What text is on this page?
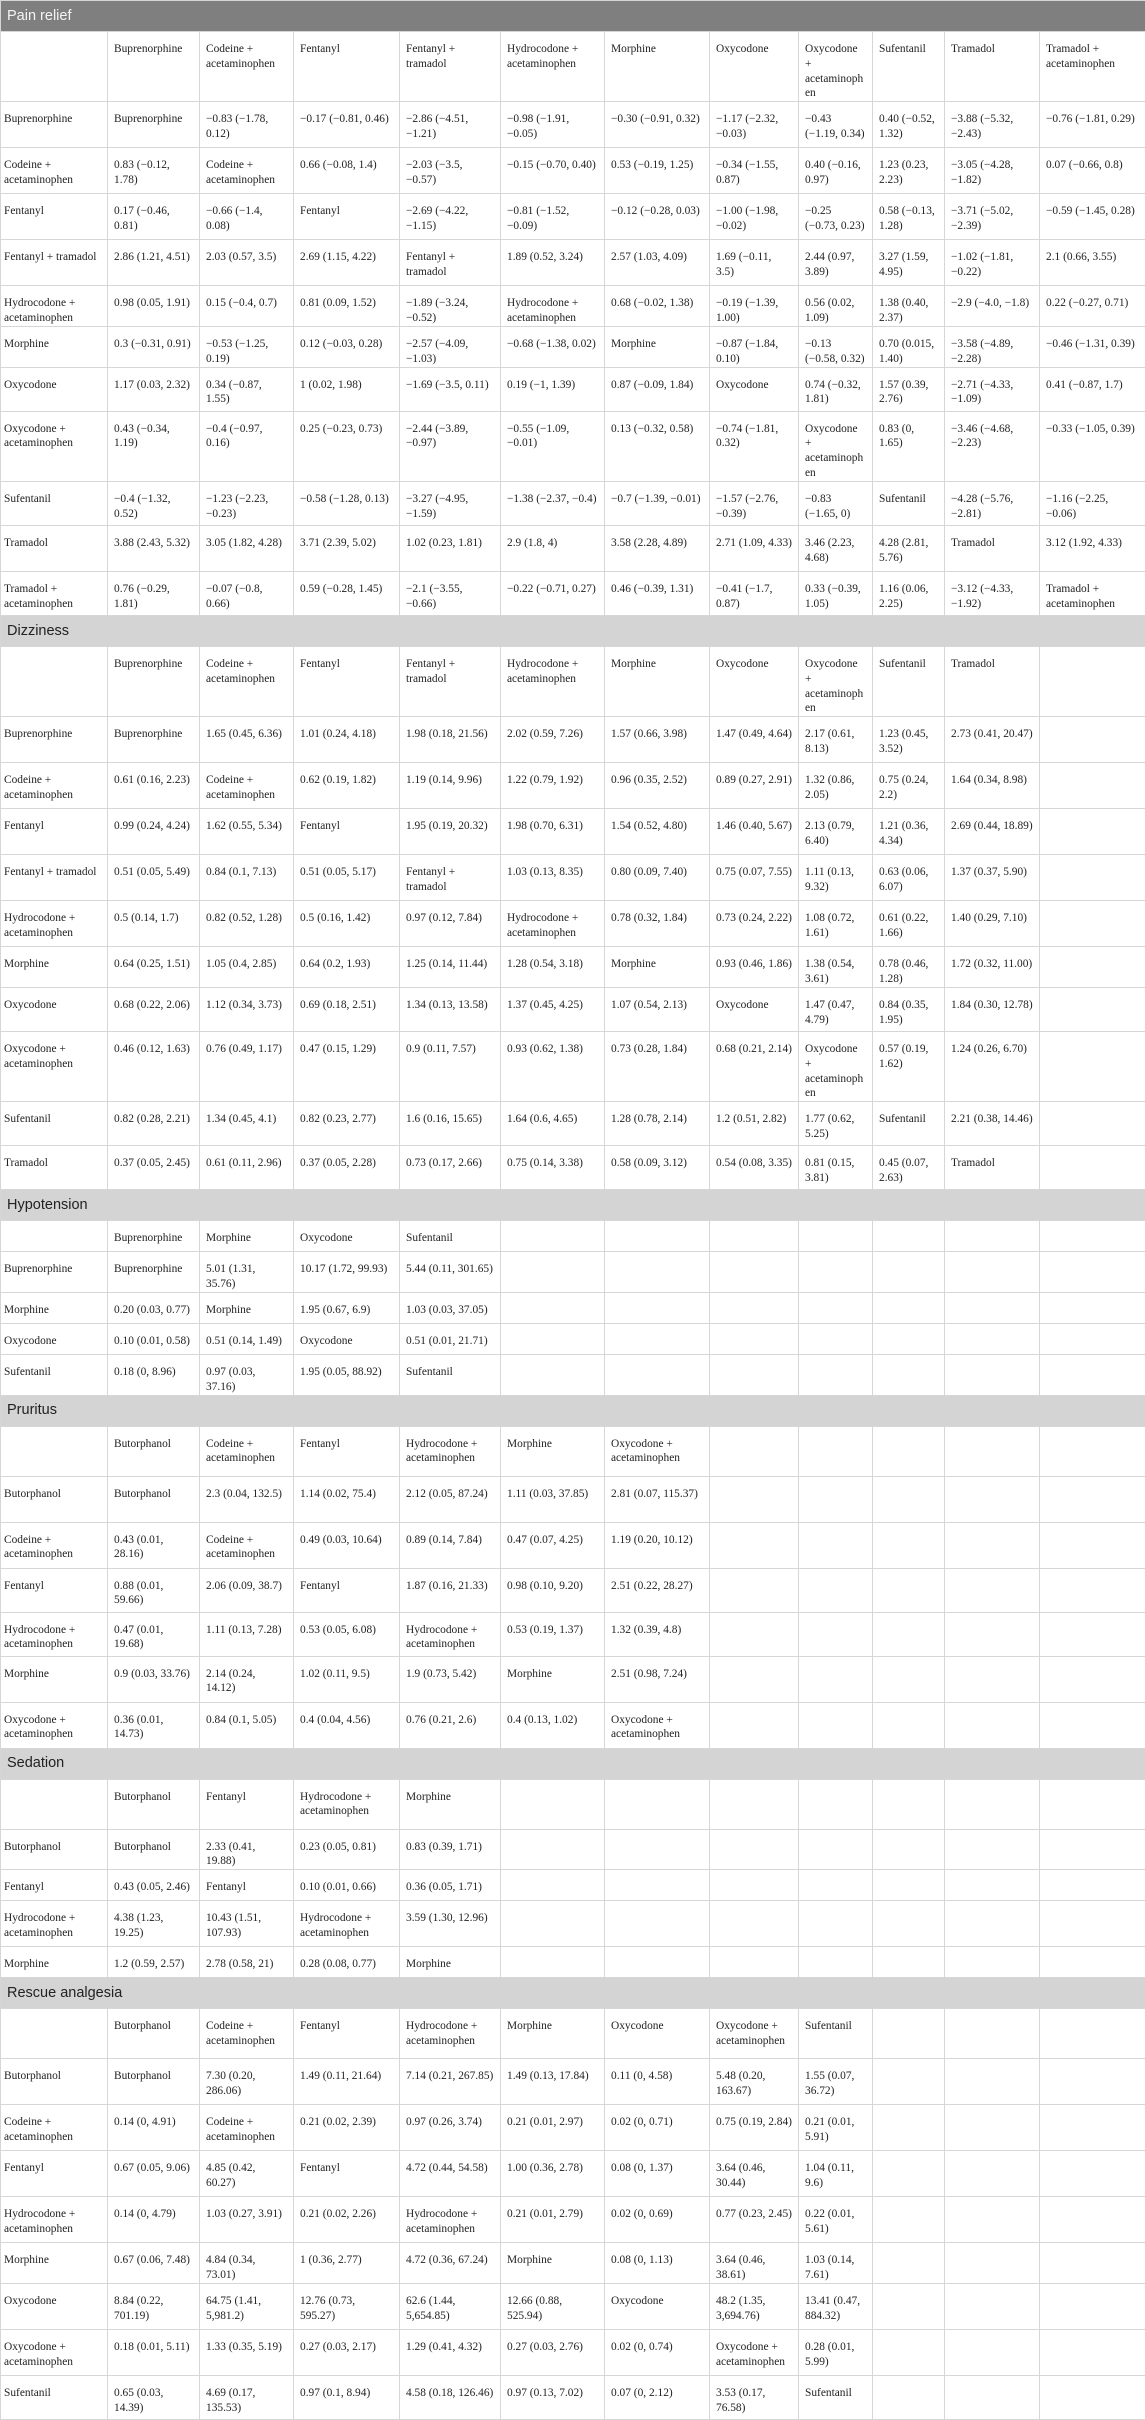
Pain relief											
	Buprenorphine	Codeine + acetaminophen	Fentanyl	Fentanyl + tramadol	Hydrocodone + acetaminophen	Morphine	Oxycodone	Oxycodone + acetaminophen	Sufentanil	Tramadol	Tramadol + acetaminophen
Buprenorphine	Buprenorphine	−0.83 (−1.78, 0.12)	−0.17 (−0.81, 0.46)	−2.86 (−4.51, −1.21)	−0.98 (−1.91, −0.05)	−0.30 (−0.91, 0.32)	−1.17 (−2.32, −0.03)	−0.43 (−1.19, 0.34)	0.40 (−0.52, 1.32)	−3.88 (−5.32, −2.43)	−0.76 (−1.81, 0.29)
Codeine + acetaminophen	0.83 (−0.12, 1.78)	Codeine + acetaminophen	0.66 (−0.08, 1.4)	−2.03 (−3.5, −0.57)	−0.15 (−0.70, 0.40)	0.53 (−0.19, 1.25)	−0.34 (−1.55, 0.87)	0.40 (−0.16, 0.97)	1.23 (0.23, 2.23)	−3.05 (−4.28, −1.82)	0.07 (−0.66, 0.8)
Fentanyl	0.17 (−0.46, 0.81)	−0.66 (−1.4, 0.08)	Fentanyl	−2.69 (−4.22, −1.15)	−0.81 (−1.52, −0.09)	−0.12 (−0.28, 0.03)	−1.00 (−1.98, −0.02)	−0.25 (−0.73, 0.23)	0.58 (−0.13, 1.28)	−3.71 (−5.02, −2.39)	−0.59 (−1.45, 0.28)
Fentanyl + tramadol	2.86 (1.21, 4.51)	2.03 (0.57, 3.5)	2.69 (1.15, 4.22)	Fentanyl + tramadol	1.89 (0.52, 3.24)	2.57 (1.03, 4.09)	1.69 (−0.11, 3.5)	2.44 (0.97, 3.89)	3.27 (1.59, 4.95)	−1.02 (−1.81, −0.22)	2.1 (0.66, 3.55)
Hydrocodone + acetaminophen	0.98 (0.05, 1.91)	0.15 (−0.4, 0.7)	0.81 (0.09, 1.52)	−1.89 (−3.24, −0.52)	Hydrocodone + acetaminophen	0.68 (−0.02, 1.38)	−0.19 (−1.39, 1.00)	0.56 (0.02, 1.09)	1.38 (0.40, 2.37)	−2.9 (−4.0, −1.8)	0.22 (−0.27, 0.71)
Morphine	0.3 (−0.31, 0.91)	−0.53 (−1.25, 0.19)	0.12 (−0.03, 0.28)	−2.57 (−4.09, −1.03)	−0.68 (−1.38, 0.02)	Morphine	−0.87 (−1.84, 0.10)	−0.13 (−0.58, 0.32)	0.70 (0.015, 1.40)	−3.58 (−4.89, −2.28)	−0.46 (−1.31, 0.39)
Oxycodone	1.17 (0.03, 2.32)	0.34 (−0.87, 1.55)	1 (0.02, 1.98)	−1.69 (−3.5, 0.11)	0.19 (−1, 1.39)	0.87 (−0.09, 1.84)	Oxycodone	0.74 (−0.32, 1.81)	1.57 (0.39, 2.76)	−2.71 (−4.33, −1.09)	0.41 (−0.87, 1.7)
Oxycodone + acetaminophen	0.43 (−0.34, 1.19)	−0.4 (−0.97, 0.16)	0.25 (−0.23, 0.73)	−2.44 (−3.89, −0.97)	−0.55 (−1.09, −0.01)	0.13 (−0.32, 0.58)	−0.74 (−1.81, 0.32)	Oxycodone + acetaminophen	0.83 (0, 1.65)	−3.46 (−4.68, −2.23)	−0.33 (−1.05, 0.39)
Sufentanil	−0.4 (−1.32, 0.52)	−1.23 (−2.23, −0.23)	−0.58 (−1.28, 0.13)	−3.27 (−4.95, −1.59)	−1.38 (−2.37, −0.4)	−0.7 (−1.39, −0.01)	−1.57 (−2.76, −0.39)	−0.83 (−1.65, 0)	Sufentanil	−4.28 (−5.76, −2.81)	−1.16 (−2.25, −0.06)
Tramadol	3.88 (2.43, 5.32)	3.05 (1.82, 4.28)	3.71 (2.39, 5.02)	1.02 (0.23, 1.81)	2.9 (1.8, 4)	3.58 (2.28, 4.89)	2.71 (1.09, 4.33)	3.46 (2.23, 4.68)	4.28 (2.81, 5.76)	Tramadol	3.12 (1.92, 4.33)
Tramadol + acetaminophen	0.76 (−0.29, 1.81)	−0.07 (−0.8, 0.66)	0.59 (−0.28, 1.45)	−2.1 (−3.55, −0.66)	−0.22 (−0.71, 0.27)	0.46 (−0.39, 1.31)	−0.41 (−1.7, 0.87)	0.33 (−0.39, 1.05)	1.16 (0.06, 2.25)	−3.12 (−4.33, −1.92)	Tramadol + acetaminophen
Dizziness											
	Buprenorphine	Codeine + acetaminophen	Fentanyl	Fentanyl + tramadol	Hydrocodone + acetaminophen	Morphine	Oxycodone	Oxycodone + acetaminophen	Sufentanil	Tramadol	
Buprenorphine	Buprenorphine	1.65 (0.45, 6.36)	1.01 (0.24, 4.18)	1.98 (0.18, 21.56)	2.02 (0.59, 7.26)	1.57 (0.66, 3.98)	1.47 (0.49, 4.64)	2.17 (0.61, 8.13)	1.23 (0.45, 3.52)	2.73 (0.41, 20.47)	
Codeine + acetaminophen	0.61 (0.16, 2.23)	Codeine + acetaminophen	0.62 (0.19, 1.82)	1.19 (0.14, 9.96)	1.22 (0.79, 1.92)	0.96 (0.35, 2.52)	0.89 (0.27, 2.91)	1.32 (0.86, 2.05)	0.75 (0.24, 2.2)	1.64 (0.34, 8.98)	
Fentanyl	0.99 (0.24, 4.24)	1.62 (0.55, 5.34)	Fentanyl	1.95 (0.19, 20.32)	1.98 (0.70, 6.31)	1.54 (0.52, 4.80)	1.46 (0.40, 5.67)	2.13 (0.79, 6.40)	1.21 (0.36, 4.34)	2.69 (0.44, 18.89)	
Fentanyl + tramadol	0.51 (0.05, 5.49)	0.84 (0.1, 7.13)	0.51 (0.05, 5.17)	Fentanyl + tramadol	1.03 (0.13, 8.35)	0.80 (0.09, 7.40)	0.75 (0.07, 7.55)	1.11 (0.13, 9.32)	0.63 (0.06, 6.07)	1.37 (0.37, 5.90)	
Hydrocodone + acetaminophen	0.5 (0.14, 1.7)	0.82 (0.52, 1.28)	0.5 (0.16, 1.42)	0.97 (0.12, 7.84)	Hydrocodone + acetaminophen	0.78 (0.32, 1.84)	0.73 (0.24, 2.22)	1.08 (0.72, 1.61)	0.61 (0.22, 1.66)	1.40 (0.29, 7.10)	
Morphine	0.64 (0.25, 1.51)	1.05 (0.4, 2.85)	0.64 (0.2, 1.93)	1.25 (0.14, 11.44)	1.28 (0.54, 3.18)	Morphine	0.93 (0.46, 1.86)	1.38 (0.54, 3.61)	0.78 (0.46, 1.28)	1.72 (0.32, 11.00)	
Oxycodone	0.68 (0.22, 2.06)	1.12 (0.34, 3.73)	0.69 (0.18, 2.51)	1.34 (0.13, 13.58)	1.37 (0.45, 4.25)	1.07 (0.54, 2.13)	Oxycodone	1.47 (0.47, 4.79)	0.84 (0.35, 1.95)	1.84 (0.30, 12.78)	
Oxycodone + acetaminophen	0.46 (0.12, 1.63)	0.76 (0.49, 1.17)	0.47 (0.15, 1.29)	0.9 (0.11, 7.57)	0.93 (0.62, 1.38)	0.73 (0.28, 1.84)	0.68 (0.21, 2.14)	Oxycodone + acetaminophen	0.57 (0.19, 1.62)	1.24 (0.26, 6.70)	
Sufentanil	0.82 (0.28, 2.21)	1.34 (0.45, 4.1)	0.82 (0.23, 2.77)	1.6 (0.16, 15.65)	1.64 (0.6, 4.65)	1.28 (0.78, 2.14)	1.2 (0.51, 2.82)	1.77 (0.62, 5.25)	Sufentanil	2.21 (0.38, 14.46)	
Tramadol	0.37 (0.05, 2.45)	0.61 (0.11, 2.96)	0.37 (0.05, 2.28)	0.73 (0.17, 2.66)	0.75 (0.14, 3.38)	0.58 (0.09, 3.12)	0.54 (0.08, 3.35)	0.81 (0.15, 3.81)	0.45 (0.07, 2.63)	Tramadol	
Hypotension											
	Buprenorphine	Morphine	Oxycodone	Sufentanil							
Buprenorphine	Buprenorphine	5.01 (1.31, 35.76)	10.17 (1.72, 99.93)	5.44 (0.11, 301.65)							
Morphine	0.20 (0.03, 0.77)	Morphine	1.95 (0.67, 6.9)	1.03 (0.03, 37.05)							
Oxycodone	0.10 (0.01, 0.58)	0.51 (0.14, 1.49)	Oxycodone	0.51 (0.01, 21.71)							
Sufentanil	0.18 (0, 8.96)	0.97 (0.03, 37.16)	1.95 (0.05, 88.92)	Sufentanil							
Pruritus											
	Butorphanol	Codeine + acetaminophen	Fentanyl	Hydrocodone + acetaminophen	Morphine	Oxycodone + acetaminophen					
Butorphanol	Butorphanol	2.3 (0.04, 132.5)	1.14 (0.02, 75.4)	2.12 (0.05, 87.24)	1.11 (0.03, 37.85)	2.81 (0.07, 115.37)					
Codeine + acetaminophen	0.43 (0.01, 28.16)	Codeine + acetaminophen	0.49 (0.03, 10.64)	0.89 (0.14, 7.84)	0.47 (0.07, 4.25)	1.19 (0.20, 10.12)					
Fentanyl	0.88 (0.01, 59.66)	2.06 (0.09, 38.7)	Fentanyl	1.87 (0.16, 21.33)	0.98 (0.10, 9.20)	2.51 (0.22, 28.27)					
Hydrocodone + acetaminophen	0.47 (0.01, 19.68)	1.11 (0.13, 7.28)	0.53 (0.05, 6.08)	Hydrocodone + acetaminophen	0.53 (0.19, 1.37)	1.32 (0.39, 4.8)					
Morphine	0.9 (0.03, 33.76)	2.14 (0.24, 14.12)	1.02 (0.11, 9.5)	1.9 (0.73, 5.42)	Morphine	2.51 (0.98, 7.24)					
Oxycodone + acetaminophen	0.36 (0.01, 14.73)	0.84 (0.1, 5.05)	0.4 (0.04, 4.56)	0.76 (0.21, 2.6)	0.4 (0.13, 1.02)	Oxycodone + acetaminophen					
Sedation											
	Butorphanol	Fentanyl	Hydrocodone + acetaminophen	Morphine							
Butorphanol	Butorphanol	2.33 (0.41, 19.88)	0.23 (0.05, 0.81)	0.83 (0.39, 1.71)							
Fentanyl	0.43 (0.05, 2.46)	Fentanyl	0.10 (0.01, 0.66)	0.36 (0.05, 1.71)							
Hydrocodone + acetaminophen	4.38 (1.23, 19.25)	10.43 (1.51, 107.93)	Hydrocodone + acetaminophen	3.59 (1.30, 12.96)							
Morphine	1.2 (0.59, 2.57)	2.78 (0.58, 21)	0.28 (0.08, 0.77)	Morphine							
Rescue analgesia											
	Butorphanol	Codeine + acetaminophen	Fentanyl	Hydrocodone + acetaminophen	Morphine	Oxycodone	Oxycodone + acetaminophen	Sufentanil			
Butorphanol	Butorphanol	7.30 (0.20, 286.06)	1.49 (0.11, 21.64)	7.14 (0.21, 267.85)	1.49 (0.13, 17.84)	0.11 (0, 4.58)	5.48 (0.20, 163.67)	1.55 (0.07, 36.72)			
Codeine + acetaminophen	0.14 (0, 4.91)	Codeine + acetaminophen	0.21 (0.02, 2.39)	0.97 (0.26, 3.74)	0.21 (0.01, 2.97)	0.02 (0, 0.71)	0.75 (0.19, 2.84)	0.21 (0.01, 5.91)			
Fentanyl	0.67 (0.05, 9.06)	4.85 (0.42, 60.27)	Fentanyl	4.72 (0.44, 54.58)	1.00 (0.36, 2.78)	0.08 (0, 1.37)	3.64 (0.46, 30.44)	1.04 (0.11, 9.6)			
Hydrocodone + acetaminophen	0.14 (0, 4.79)	1.03 (0.27, 3.91)	0.21 (0.02, 2.26)	Hydrocodone + acetaminophen	0.21 (0.01, 2.79)	0.02 (0, 0.69)	0.77 (0.23, 2.45)	0.22 (0.01, 5.61)			
Morphine	0.67 (0.06, 7.48)	4.84 (0.34, 73.01)	1 (0.36, 2.77)	4.72 (0.36, 67.24)	Morphine	0.08 (0, 1.13)	3.64 (0.46, 38.61)	1.03 (0.14, 7.61)			
Oxycodone	8.84 (0.22, 701.19)	64.75 (1.41, 5,981.2)	12.76 (0.73, 595.27)	62.6 (1.44, 5,654.85)	12.66 (0.88, 525.94)	Oxycodone	48.2 (1.35, 3,694.76)	13.41 (0.47, 884.32)			
Oxycodone + acetaminophen	0.18 (0.01, 5.11)	1.33 (0.35, 5.19)	0.27 (0.03, 2.17)	1.29 (0.41, 4.32)	0.27 (0.03, 2.76)	0.02 (0, 0.74)	Oxycodone + acetaminophen	0.28 (0.01, 5.99)			
Sufentanil	0.65 (0.03, 14.39)	4.69 (0.17, 135.53)	0.97 (0.1, 8.94)	4.58 (0.18, 126.46)	0.97 (0.13, 7.02)	0.07 (0, 2.12)	3.53 (0.17, 76.58)	Sufentanil			
